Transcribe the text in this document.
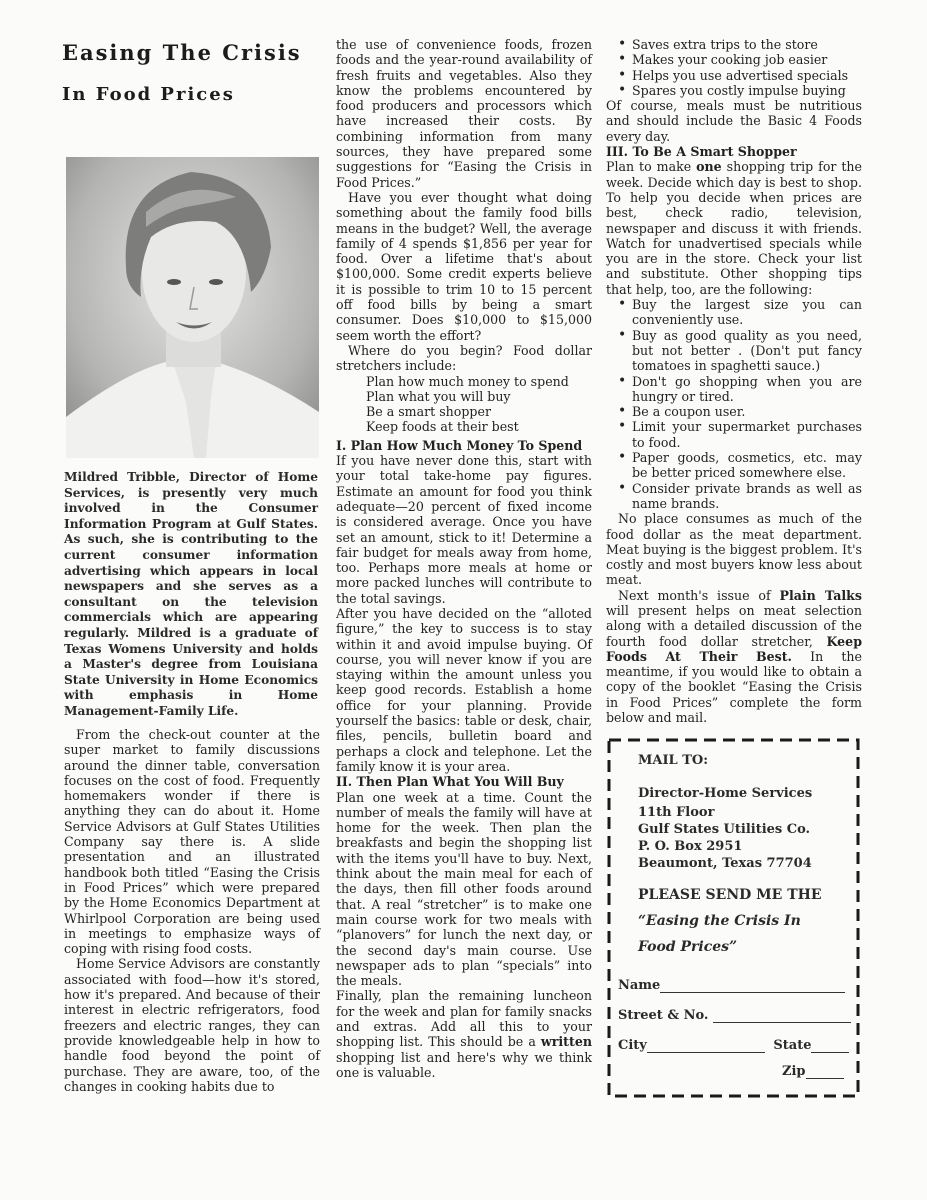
Easing The Crisis
In Food Prices
Mildred Tribble, Director of Home Services, is presently very much involved in the Consumer Information Program at Gulf States. As such, she is contributing to the current consumer information advertising which appears in local newspapers and she serves as a consultant on the television commercials which are appearing regularly. Mildred is a graduate of Texas Womens University and holds a Master's degree from Louisiana State University in Home Economics with emphasis in Home Management-Family Life.

From the check-out counter at the super market to family discussions around the dinner table, conversation focuses on the cost of food. Frequently homemakers wonder if there is anything they can do about it. Home Service Advisors at Gulf States Utilities Company say there is. A slide presentation and an illustrated handbook both titled “Easing the Crisis in Food Prices” which were prepared by the Home Economics Department at Whirlpool Corporation are being used in meetings to emphasize ways of coping with rising food costs.

Home Service Advisors are constantly associated with food—how it's stored, how it's prepared. And because of their interest in electric refrigerators, food freezers and electric ranges, they can provide knowledgeable help in how to handle food beyond the point of purchase. They are aware, too, of the changes in cooking habits due to

the use of convenience foods, frozen foods and the year-round availability of fresh fruits and vegetables. Also they know the problems encountered by food producers and processors which have increased their costs. By combining information from many sources, they have prepared some suggestions for “Easing the Crisis in Food Prices.”

Have you ever thought what doing something about the family food bills means in the budget? Well, the average family of 4 spends $1,856 per year for food. Over a lifetime that's about $100,000. Some credit experts believe it is possible to trim 10 to 15 percent off food bills by being a smart consumer. Does $10,000 to $15,000 seem worth the effort?

Where do you begin? Food dollar stretchers include:

Plan how much money to spend
Plan what you will buy
Be a smart shopper
Keep foods at their best

I. Plan How Much Money To Spend

If you have never done this, start with your total take-home pay figures. Estimate an amount for food you think adequate—20 percent of fixed income is considered average. Once you have set an amount, stick to it! Determine a fair budget for meals away from home, too. Perhaps more meals at home or more packed lunches will contribute to the total savings.

After you have decided on the “alloted figure,” the key to success is to stay within it and avoid impulse buying. Of course, you will never know if you are staying within the amount unless you keep good records. Establish a home office for your planning. Provide yourself the basics: table or desk, chair, files, pencils, bulletin board and perhaps a clock and telephone. Let the family know it is your area.

II. Then Plan What You Will Buy

Plan one week at a time. Count the number of meals the family will have at home for the week. Then plan the breakfasts and begin the shopping list with the items you'll have to buy. Next, think about the main meal for each of the days, then fill other foods around that. A real “stretcher” is to make one main course work for two meals with “planovers” for lunch the next day, or the second day's main course. Use newspaper ads to plan “specials” into the meals.

Finally, plan the remaining luncheon for the week and plan for family snacks and extras. Add all this to your shopping list. This should be a written shopping list and here's why we think one is valuable.

• Saves extra trips to the store
• Makes your cooking job easier
• Helps you use advertised specials
• Spares you costly impulse buying

Of course, meals must be nutritious and should include the Basic 4 Foods every day.

III. To Be A Smart Shopper

Plan to make one shopping trip for the week. Decide which day is best to shop. To help you decide when prices are best, check radio, television, newspaper and discuss it with friends. Watch for unadvertised specials while you are in the store. Check your list and substitute. Other shopping tips that help, too, are the following:

• Buy the largest size you can conveniently use.
• Buy as good quality as you need, but not better . (Don't put fancy tomatoes in spaghetti sauce.)
• Don't go shopping when you are hungry or tired.
• Be a coupon user.
• Limit your supermarket purchases to food.
• Paper goods, cosmetics, etc. may be better priced somewhere else.
• Consider private brands as well as name brands.

No place consumes as much of the food dollar as the meat department. Meat buying is the biggest problem. It's costly and most buyers know less about meat.

Next month's issue of Plain Talks will present helps on meat selection along with a detailed discussion of the fourth food dollar stretcher, Keep Foods At Their Best. In the meantime, if you would like to obtain a copy of the booklet “Easing the Crisis in Food Prices” complete the form below and mail.

MAIL TO:
Director-Home Services
11th Floor
Gulf States Utilities Co.
P. O. Box 2951
Beaumont, Texas 77704
PLEASE SEND ME THE
“Easing the Crisis In
Food Prices”
Name
Street & No.
City	State
Zip
